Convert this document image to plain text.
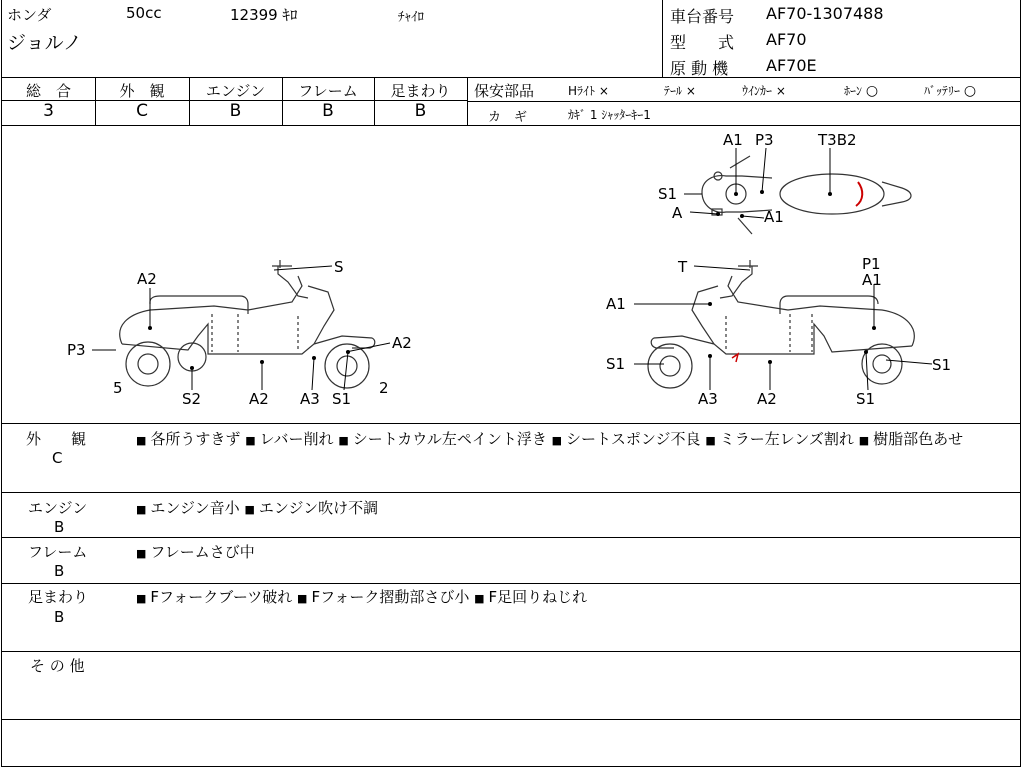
ホンダ	50cc	12399 ｷﾛ	ﾁｬｲﾛ
ジョルノ
車台番号 AF70-1307488
型　　式	AF70
原 動 機 AF70E
総　合	外　観	エンジン	フレーム	足まわり
3	C	B	B	B
保安部品	Hﾗｲﾄ ×	ﾃｰﾙ ×	ｳｲﾝｶｰ ×	ﾎｰﾝ ○	ﾊﾞｯﾃﾘｰ ○
カ　ギ	ｶｷﾞ 1 ｼｬｯﾀｰｷｰ1
A1 P3	T3B2
S1
A	A1
S
A2
P3	A2
5
S2	A2 A3 S1
2
T	P1
A1
A1
S1	S1
A3	A2	S1
外　　観
C
■ 各所うすきず ■ レバー削れ ■ シートカウル左ペイント浮き ■ シートスポンジ不良 ■ ミラー左レンズ割れ ■ 樹脂部色あせ
エンジン
B
■ エンジン音小 ■ エンジン吹け不調
フレーム
B
■ フレームさび中
足まわり
B
■ Fフォークブーツ破れ ■ Fフォーク摺動部さび小 ■ F足回りねじれ
そ の 他
